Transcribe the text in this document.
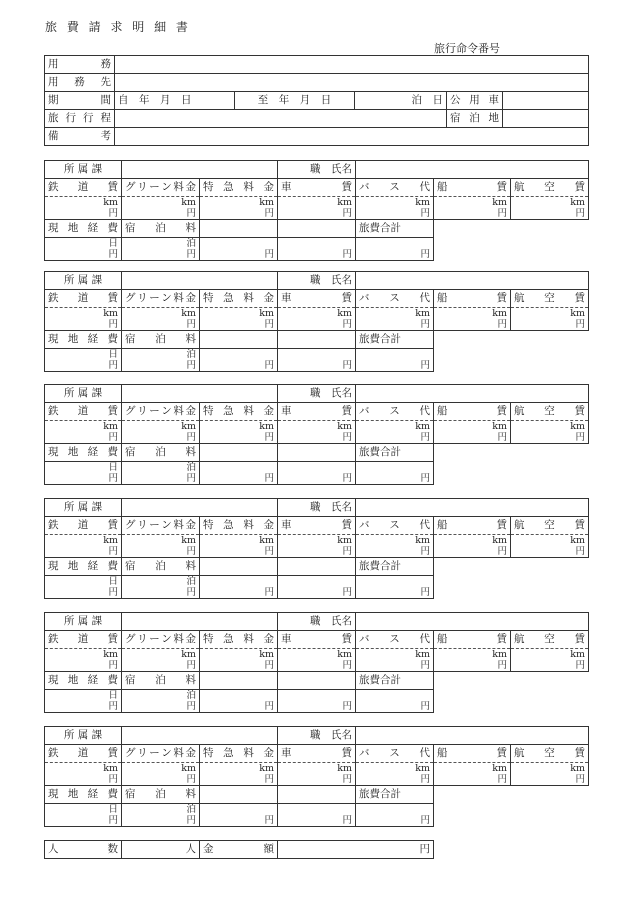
旅 費 請 求 明 細 書
旅行命令番号
用　　務					
用 務 先					
期　　間	自　年　月　日	至　年　月　日	泊　日	公 用 車	
旅行行程				宿 泊 地	
備　　考					
所 属 課			職　氏名			
鉄　道　賃	グリーン料金	特 急 料 金	車　　　賃	バ　ス　代	船　　　賃	航　空　賃
km	km	km	km	km	km	km
円	円	円	円	円	円	円
現 地 経 費	宿　泊　料			旅費合計		
日	泊					
円	円	円	円	円		
所 属 課			職　氏名			
鉄　道　賃	グリーン料金	特 急 料 金	車　　　賃	バ　ス　代	船　　　賃	航　空　賃
km	km	km	km	km	km	km
円	円	円	円	円	円	円
現 地 経 費	宿　泊　料			旅費合計		
日	泊					
円	円	円	円	円		
所 属 課			職　氏名			
鉄　道　賃	グリーン料金	特 急 料 金	車　　　賃	バ　ス　代	船　　　賃	航　空　賃
km	km	km	km	km	km	km
円	円	円	円	円	円	円
現 地 経 費	宿　泊　料			旅費合計		
日	泊					
円	円	円	円	円		
所 属 課			職　氏名			
鉄　道　賃	グリーン料金	特 急 料 金	車　　　賃	バ　ス　代	船　　　賃	航　空　賃
km	km	km	km	km	km	km
円	円	円	円	円	円	円
現 地 経 費	宿　泊　料			旅費合計		
日	泊					
円	円	円	円	円		
所 属 課			職　氏名			
鉄　道　賃	グリーン料金	特 急 料 金	車　　　賃	バ　ス　代	船　　　賃	航　空　賃
km	km	km	km	km	km	km
円	円	円	円	円	円	円
現 地 経 費	宿　泊　料			旅費合計		
日	泊					
円	円	円	円	円		
所 属 課			職　氏名			
鉄　道　賃	グリーン料金	特 急 料 金	車　　　賃	バ　ス　代	船　　　賃	航　空　賃
km	km	km	km	km	km	km
円	円	円	円	円	円	円
現 地 経 費	宿　泊　料			旅費合計		
日	泊					
円	円	円	円	円		
人　　　数	人	金　　額	円
